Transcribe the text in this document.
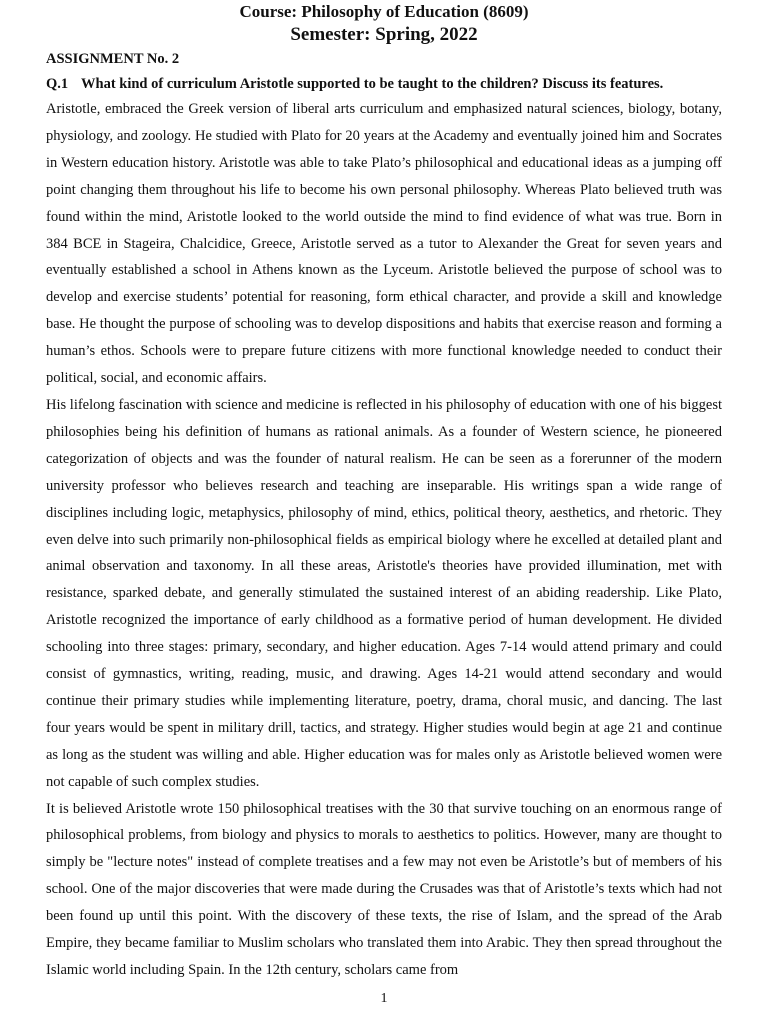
Course: Philosophy of Education (8609)
Semester: Spring, 2022
ASSIGNMENT No. 2
Q.1 What kind of curriculum Aristotle supported to be taught to the children? Discuss its features.

Aristotle, embraced the Greek version of liberal arts curriculum and emphasized natural sciences, biology, botany, physiology, and zoology. He studied with Plato for 20 years at the Academy and eventually joined him and Socrates in Western education history. Aristotle was able to take Plato’s philosophical and educational ideas as a jumping off point changing them throughout his life to become his own personal philosophy. Whereas Plato believed truth was found within the mind, Aristotle looked to the world outside the mind to find evidence of what was true. Born in 384 BCE in Stageira, Chalcidice, Greece, Aristotle served as a tutor to Alexander the Great for seven years and eventually established a school in Athens known as the Lyceum. Aristotle believed the purpose of school was to develop and exercise students’ potential for reasoning, form ethical character, and provide a skill and knowledge base. He thought the purpose of schooling was to develop dispositions and habits that exercise reason and forming a human’s ethos. Schools were to prepare future citizens with more functional knowledge needed to conduct their political, social, and economic affairs.

His lifelong fascination with science and medicine is reflected in his philosophy of education with one of his biggest philosophies being his definition of humans as rational animals. As a founder of Western science, he pioneered categorization of objects and was the founder of natural realism. He can be seen as a forerunner of the modern university professor who believes research and teaching are inseparable. His writings span a wide range of disciplines including logic, metaphysics, philosophy of mind, ethics, political theory, aesthetics, and rhetoric. They even delve into such primarily non-philosophical fields as empirical biology where he excelled at detailed plant and animal observation and taxonomy. In all these areas, Aristotle's theories have provided illumination, met with resistance, sparked debate, and generally stimulated the sustained interest of an abiding readership. Like Plato, Aristotle recognized the importance of early childhood as a formative period of human development. He divided schooling into three stages: primary, secondary, and higher education. Ages 7-14 would attend primary and could consist of gymnastics, writing, reading, music, and drawing. Ages 14-21 would attend secondary and would continue their primary studies while implementing literature, poetry, drama, choral music, and dancing. The last four years would be spent in military drill, tactics, and strategy. Higher studies would begin at age 21 and continue as long as the student was willing and able. Higher education was for males only as Aristotle believed women were not capable of such complex studies.

It is believed Aristotle wrote 150 philosophical treatises with the 30 that survive touching on an enormous range of philosophical problems, from biology and physics to morals to aesthetics to politics. However, many are thought to simply be "lecture notes" instead of complete treatises and a few may not even be Aristotle’s but of members of his school. One of the major discoveries that were made during the Crusades was that of Aristotle’s texts which had not been found up until this point. With the discovery of these texts, the rise of Islam, and the spread of the Arab Empire, they became familiar to Muslim scholars who translated them into Arabic. They then spread throughout the Islamic world including Spain. In the 12th century, scholars came from

1
